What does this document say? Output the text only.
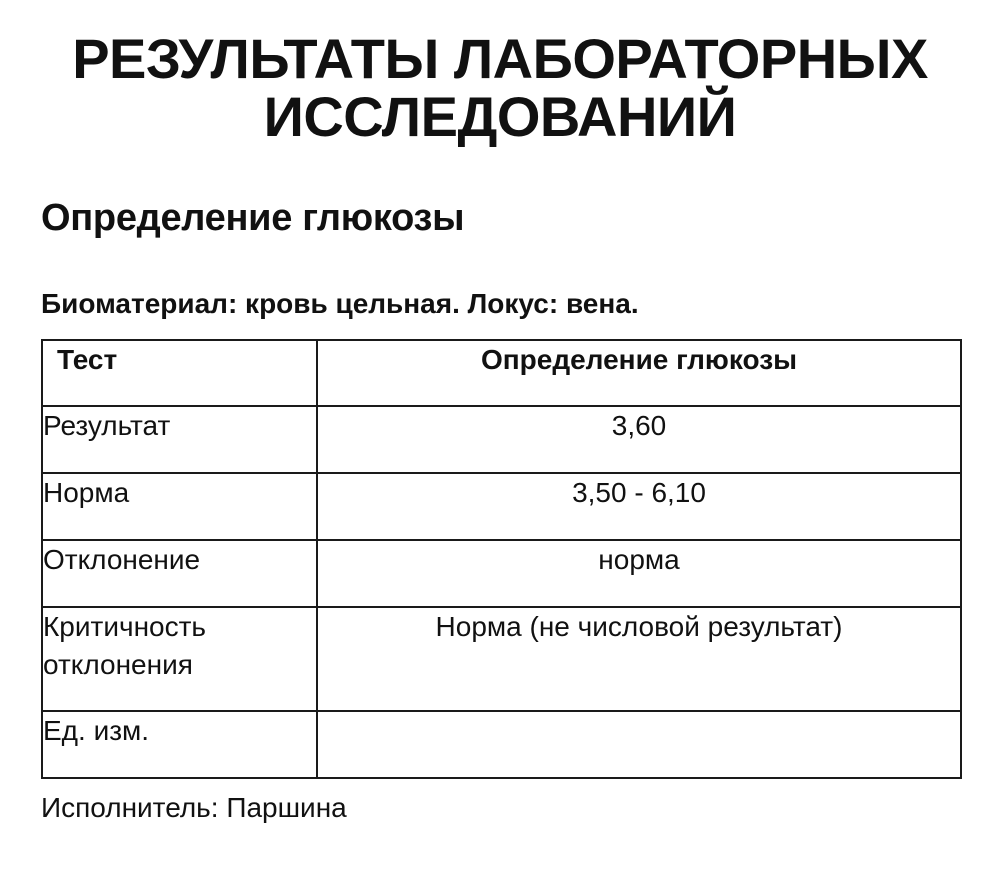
РЕЗУЛЬТАТЫ ЛАБОРАТОРНЫХ ИССЛЕДОВАНИЙ
Определение глюкозы

Биоматериал: кровь цельная. Локус: вена.

Тест	Определение глюкозы
Результат	3,60
Норма	3,50 - 6,10
Отклонение	норма
Критичность отклонения	Норма (не числовой результат)
Ед. изм.	

Исполнитель: Паршина
